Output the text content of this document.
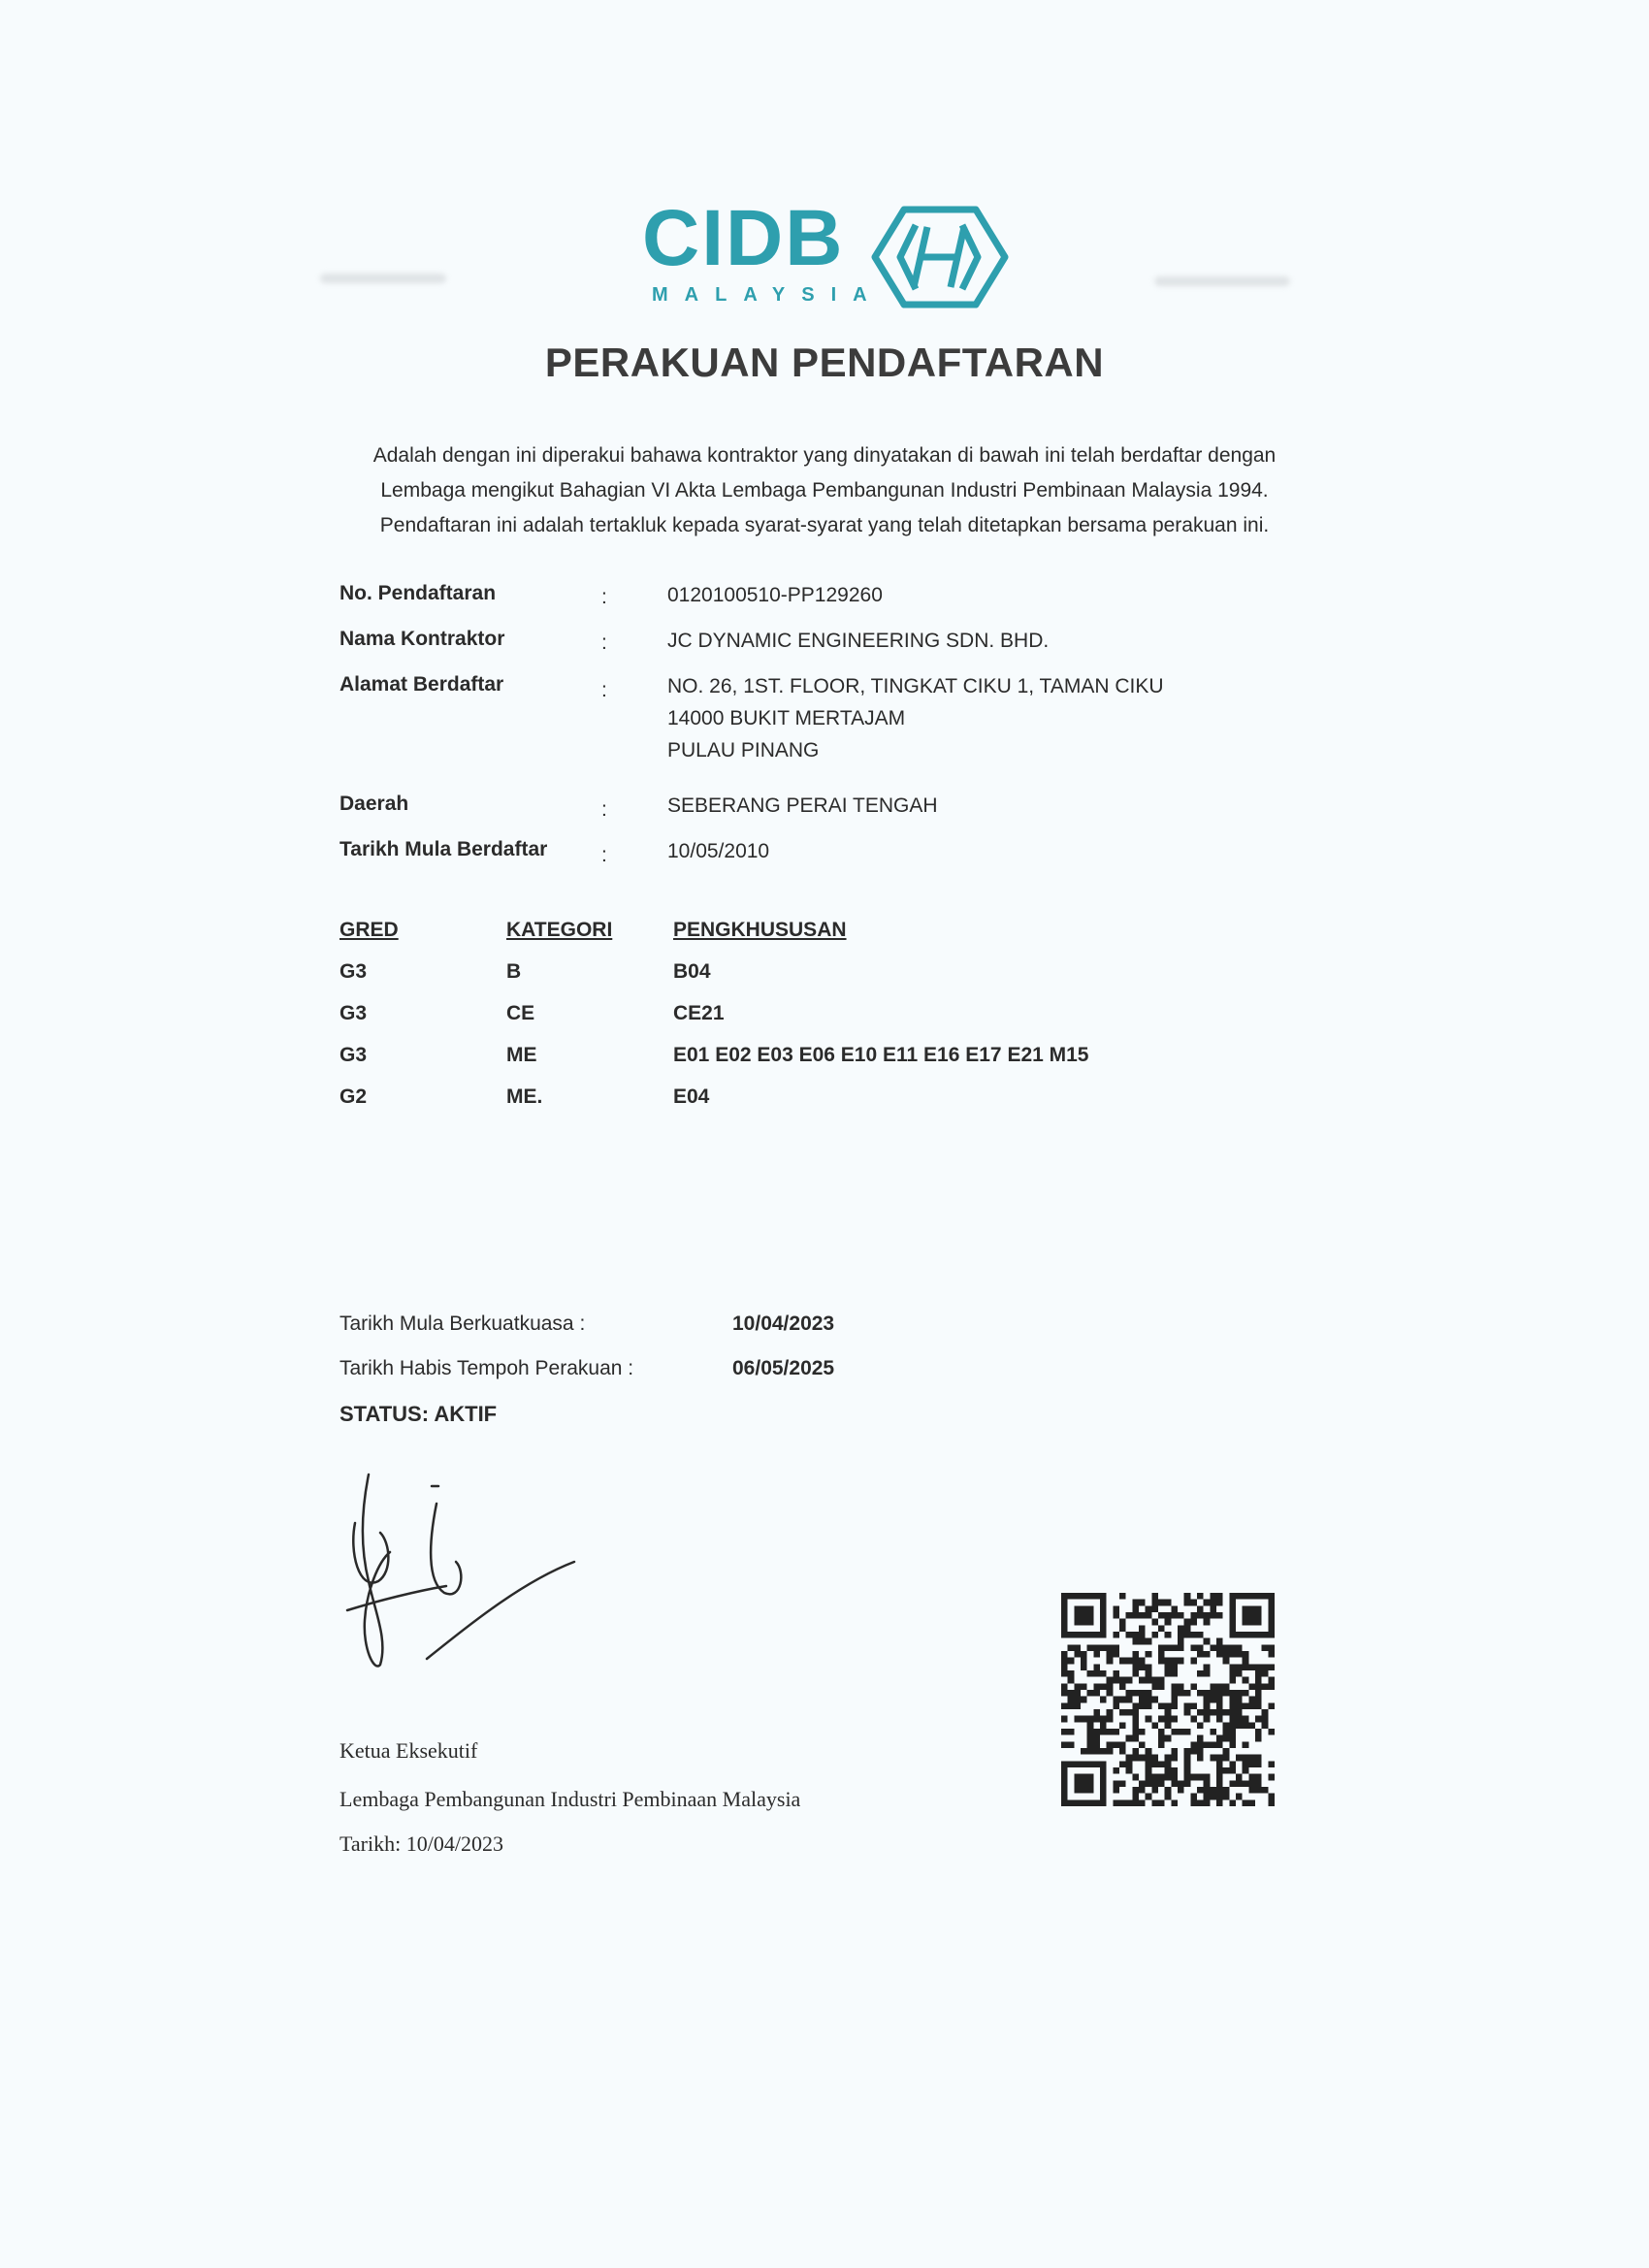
CIDB
MALAYSIA
PERAKUAN PENDAFTARAN

Adalah dengan ini diperakui bahawa kontraktor yang dinyatakan di bawah ini telah berdaftar dengan

Lembaga mengikut Bahagian VI Akta Lembaga Pembangunan Industri Pembinaan Malaysia 1994.

Pendaftaran ini adalah tertakluk kepada syarat-syarat yang telah ditetapkan bersama perakuan ini.

No. Pendaftaran	:	0120100510-PP129260
Nama Kontraktor	:	JC DYNAMIC ENGINEERING SDN. BHD.
Alamat Berdaftar	:	NO. 26, 1ST. FLOOR, TINGKAT CIKU 1, TAMAN CIKU
14000 BUKIT MERTAJAM
PULAU PINANG
Daerah	:	SEBERANG PERAI TENGAH
Tarikh Mula Berdaftar	:	10/05/2010
GRED	KATEGORI	PENGKHUSUSAN
G3	B	B04
G3	CE	CE21
G3	ME	E01 E02 E03 E06 E10 E11 E16 E17 E21 M15
G2	ME.	E04
Tarikh Mula Berkuatkuasa :	10/04/2023
Tarikh Habis Tempoh Perakuan :	06/05/2025
STATUS: AKTIF
Ketua Eksekutif
Lembaga Pembangunan Industri Pembinaan Malaysia
Tarikh: 10/04/2023
